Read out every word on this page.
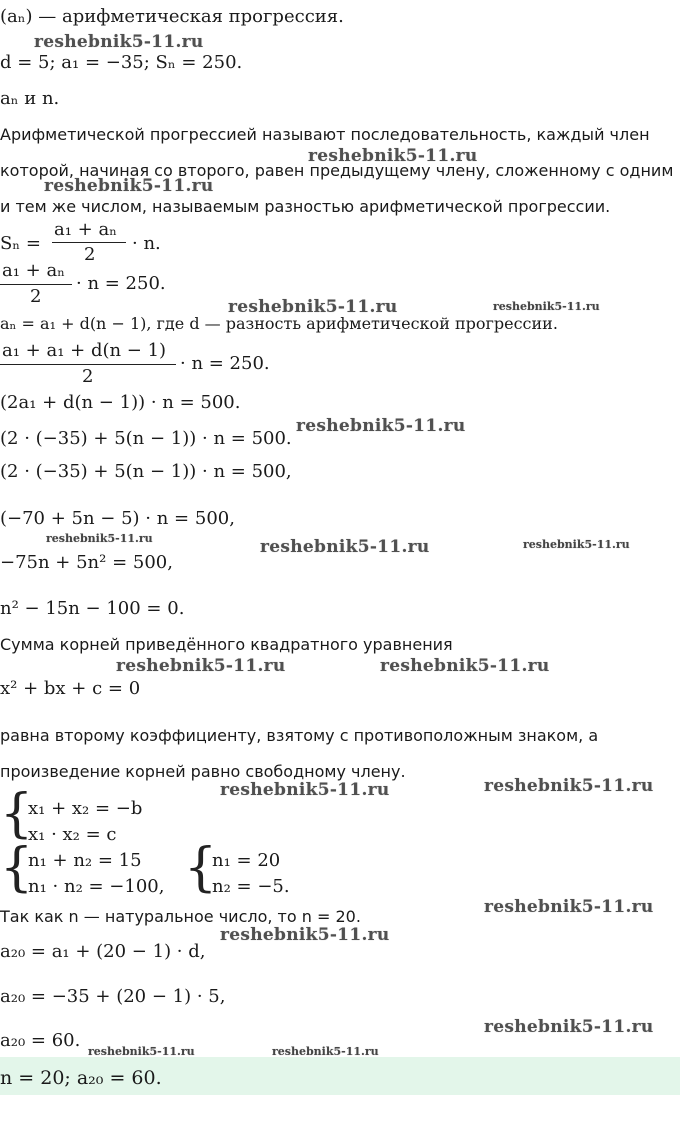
(aₙ) — арифметическая прогрессия.
d = 5; a₁ = −35; Sₙ = 250.
aₙ и n.
Арифметической прогрессией называют последовательность, каждый член
которой, начиная со второго, равен предыдущему члену, сложенному с одним
и тем же числом, называемым разностью арифметической прогрессии.
Sₙ =
a₁ + aₙ
2
· n.
a₁ + aₙ
2
· n = 250.
aₙ = a₁ + d(n − 1), где d — разность арифметической прогрессии.
a₁ + a₁ + d(n − 1)
2
· n = 250.
(2a₁ + d(n − 1)) · n = 500.
(2 · (−35) + 5(n − 1)) · n = 500.
(2 · (−35) + 5(n − 1)) · n = 500,
(−70 + 5n − 5) · n = 500,
−75n + 5n² = 500,
n² − 15n − 100 = 0.
Сумма корней приведённого квадратного уравнения
x² + bx + c = 0
равна второму коэффициенту, взятому с противоположным знаком, а
произведение корней равно свободному члену.
{
x₁ + x₂ = −b
x₁ · x₂ = c
{
n₁ + n₂ = 15
n₁ · n₂ = −100, {
n₁ = 20
n₂ = −5.
Так как n — натуральное число, то n = 20.
a₂₀ = a₁ + (20 − 1) · d,
a₂₀ = −35 + (20 − 1) · 5,
a₂₀ = 60.
n = 20; a₂₀ = 60.
reshebnik5-11.ru
reshebnik5-11.ru
reshebnik5-11.ru
reshebnik5-11.ru	reshebnik5-11.ru
reshebnik5-11.ru
reshebnik5-11.ru	reshebnik5-11.ru	reshebnik5-11.ru
reshebnik5-11.ru	reshebnik5-11.ru
reshebnik5-11.ru	reshebnik5-11.ru
reshebnik5-11.ru
reshebnik5-11.ru
reshebnik5-11.ru
reshebnik5-11.ru	reshebnik5-11.ru
